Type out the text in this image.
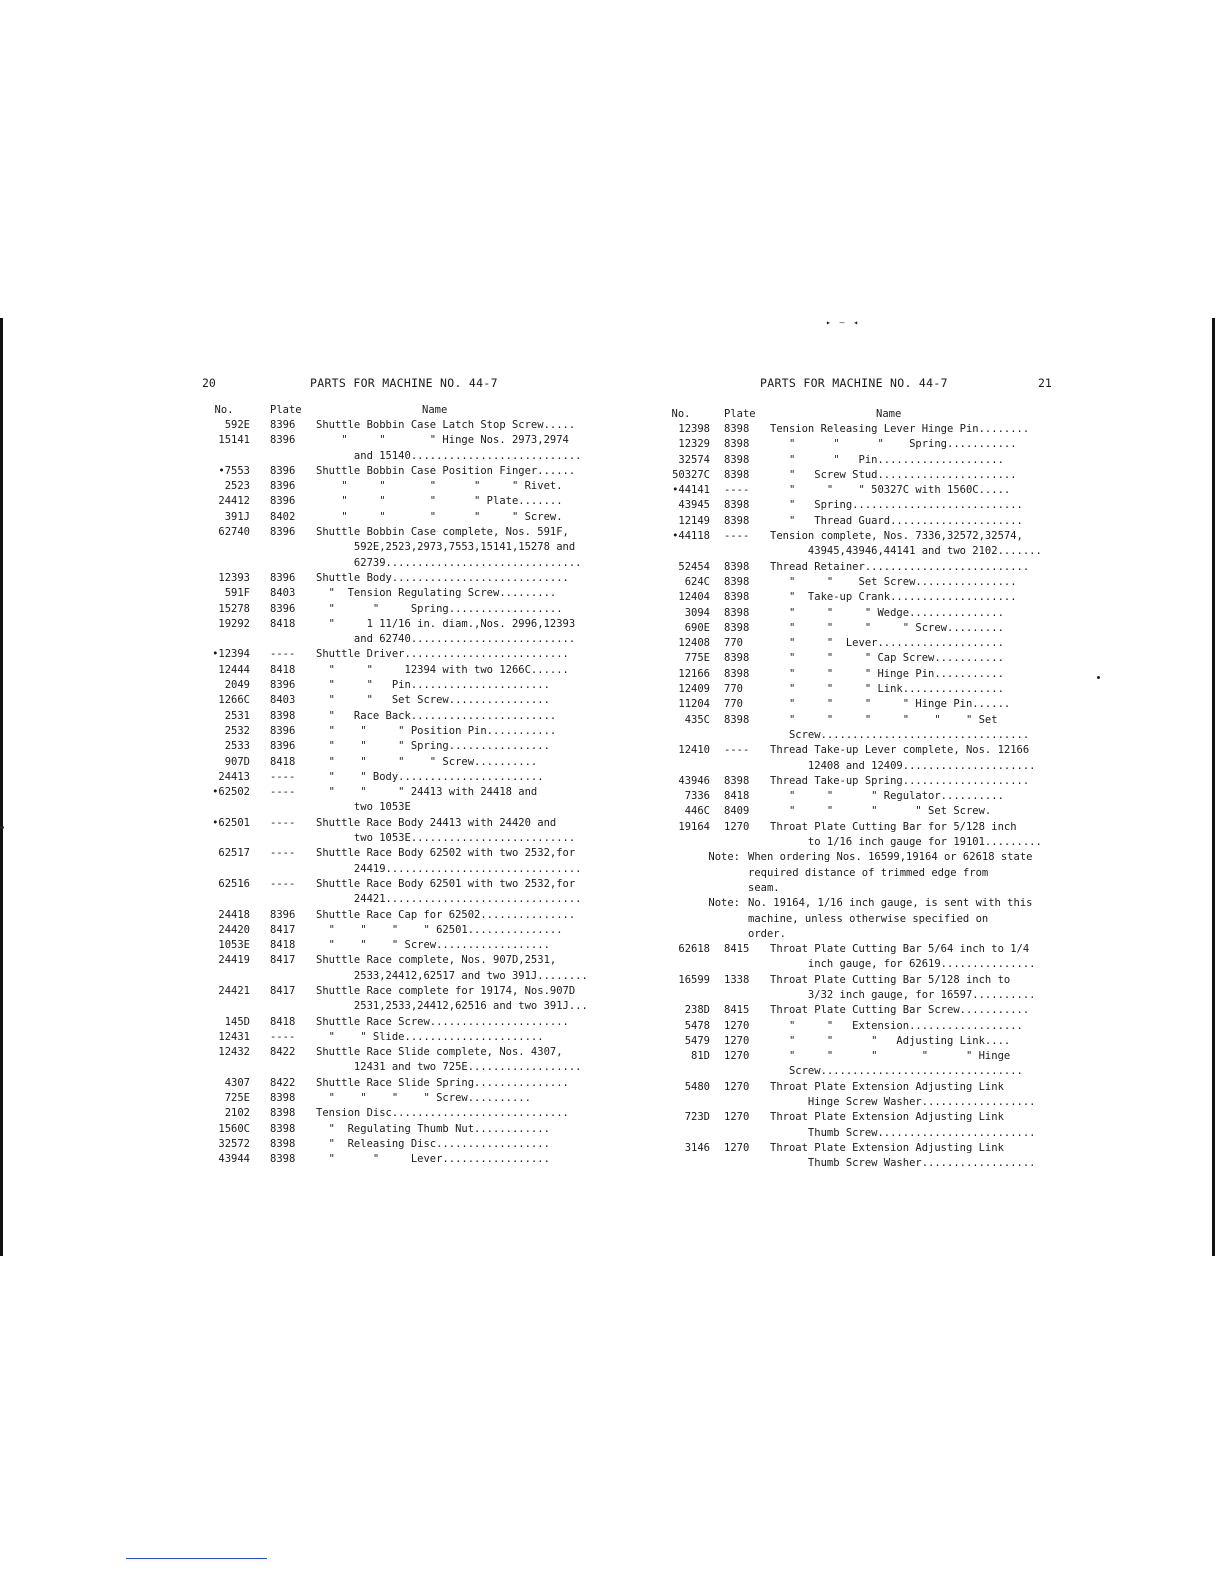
▸ ‒ ◂
20	PARTS FOR MACHINE NO. 44-7
No.	Plate	Name
592E	8396	Shuttle Bobbin Case Latch Stop Screw.....
15141	8396	"     "       " Hinge Nos. 2973,2974
and 15140...........................
•7553	8396	Shuttle Bobbin Case Position Finger......
2523	8396	"     "       "      "     " Rivet.
24412	8396	"     "       "      " Plate.......
391J	8402	"     "       "      "     " Screw.
62740	8396	Shuttle Bobbin Case complete, Nos. 591F,
592E,2523,2973,7553,15141,15278 and
62739...............................
12393	8396	Shuttle Body............................
591F	8403	"  Tension Regulating Screw.........
15278	8396	"      "     Spring..................
19292	8418	"     1 11/16 in. diam.,Nos. 2996,12393
and 62740..........................
•12394	----	Shuttle Driver..........................
12444	8418	"     "     12394 with two 1266C......
2049	8396	"     "   Pin......................
1266C	8403	"     "   Set Screw................
2531	8398	"   Race Back.......................
2532	8396	"    "     " Position Pin...........
2533	8396	"    "     " Spring................
907D	8418	"    "     "    " Screw..........
24413	----	"    " Body.......................
•62502	----	"    "     " 24413 with 24418 and
two 1053E
•62501	----	Shuttle Race Body 24413 with 24420 and
two 1053E..........................
62517	----	Shuttle Race Body 62502 with two 2532,for
24419...............................
62516	----	Shuttle Race Body 62501 with two 2532,for
24421...............................
24418	8396	Shuttle Race Cap for 62502...............
24420	8417	"    "    "    " 62501...............
1053E	8418	"    "    " Screw..................
24419	8417	Shuttle Race complete, Nos. 907D,2531,
2533,24412,62517 and two 391J........
24421	8417	Shuttle Race complete for 19174, Nos.907D
2531,2533,24412,62516 and two 391J...
145D	8418	Shuttle Race Screw......................
12431	----	"    " Slide......................
12432	8422	Shuttle Race Slide complete, Nos. 4307,
12431 and two 725E..................
4307	8422	Shuttle Race Slide Spring...............
725E	8398	"    "    "    " Screw..........
2102	8398	Tension Disc............................
1560C	8398	"  Regulating Thumb Nut............
32572	8398	"  Releasing Disc..................
43944	8398	"      "     Lever.................
PARTS FOR MACHINE NO. 44-7	21
No.	Plate	Name
12398	8398	Tension Releasing Lever Hinge Pin........
12329	8398	"      "      "    Spring...........
32574	8398	"      "   Pin....................
50327C	8398	"   Screw Stud......................
•44141	----	"     "    " 50327C with 1560C.....
43945	8398	"   Spring...........................
12149	8398	"   Thread Guard.....................
•44118	----	Tension complete, Nos. 7336,32572,32574,
43945,43946,44141 and two 2102.......
52454	8398	Thread Retainer..........................
624C	8398	"     "    Set Screw................
12404	8398	"  Take-up Crank....................
3094	8398	"     "     " Wedge...............
690E	8398	"     "     "     " Screw.........
12408	770	"     "  Lever....................
775E	8398	"     "     " Cap Screw...........
12166	8398	"     "     " Hinge Pin...........
12409	770	"     "     " Link................
11204	770	"     "     "     " Hinge Pin......
435C	8398	"     "     "     "    "    " Set
Screw.................................
12410	----	Thread Take-up Lever complete, Nos. 12166
12408 and 12409.....................
43946	8398	Thread Take-up Spring....................
7336	8418	"     "      " Regulator..........
446C	8409	"     "      "      " Set Screw.
19164	1270	Throat Plate Cutting Bar for 5/128 inch
to 1/16 inch gauge for 19101.........
Note: When ordering Nos. 16599,19164 or 62618 state
required distance of trimmed edge from
seam.
Note: No. 19164, 1/16 inch gauge, is sent with this
machine, unless otherwise specified on
order.
62618	8415	Throat Plate Cutting Bar 5/64 inch to 1/4
inch gauge, for 62619...............
16599	1338	Throat Plate Cutting Bar 5/128 inch to
3/32 inch gauge, for 16597..........
238D	8415	Throat Plate Cutting Bar Screw...........
5478	1270	"     "   Extension..................
5479	1270	"     "      "   Adjusting Link....
81D	1270	"     "      "       "      " Hinge
Screw................................
5480	1270	Throat Plate Extension Adjusting Link
Hinge Screw Washer..................
723D	1270	Throat Plate Extension Adjusting Link
Thumb Screw.........................
3146	1270	Throat Plate Extension Adjusting Link
Thumb Screw Washer..................
